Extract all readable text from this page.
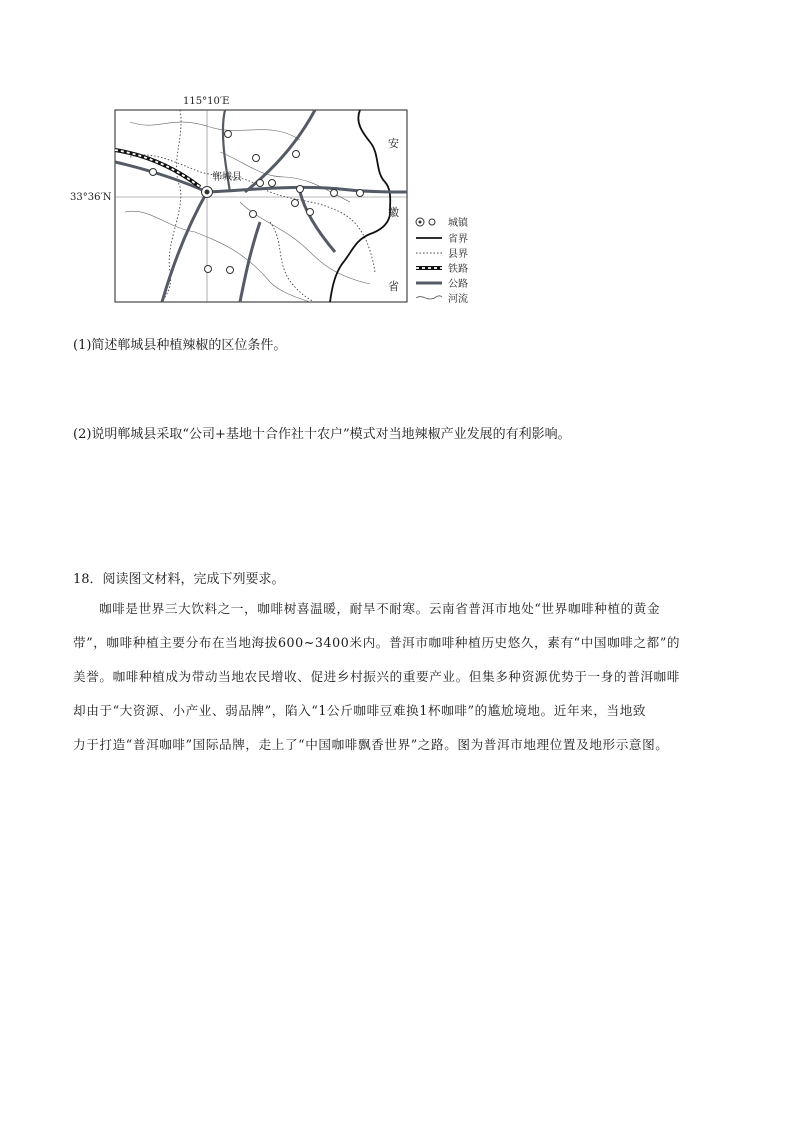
115°10′E
33°36′N
郸城县
安
徽
省
城镇
省界
县界
铁路
公路
河流
(1)简述郸城县种植辣椒的区位条件。
(2)说明郸城县采取“公司+基地十合作社十农户”模式对当地辣椒产业发展的有利影响。
18．阅读图文材料，完成下列要求。
咖啡是世界三大饮料之一，咖啡树喜温暖，耐旱不耐寒。云南省普洱市地处“世界咖啡种植的黄金
带”，咖啡种植主要分布在当地海拔600~3400米内。普洱市咖啡种植历史悠久，素有“中国咖啡之都”的
美誉。咖啡种植成为带动当地农民增收、促进乡村振兴的重要产业。但集多种资源优势于一身的普洱咖啡
却由于“大资源、小产业、弱品牌”，陷入“1公斤咖啡豆难换1杯咖啡”的尴尬境地。近年来，当地致
力于打造“普洱咖啡”国际品牌，走上了“中国咖啡飘香世界”之路。图为普洱市地理位置及地形示意图。
